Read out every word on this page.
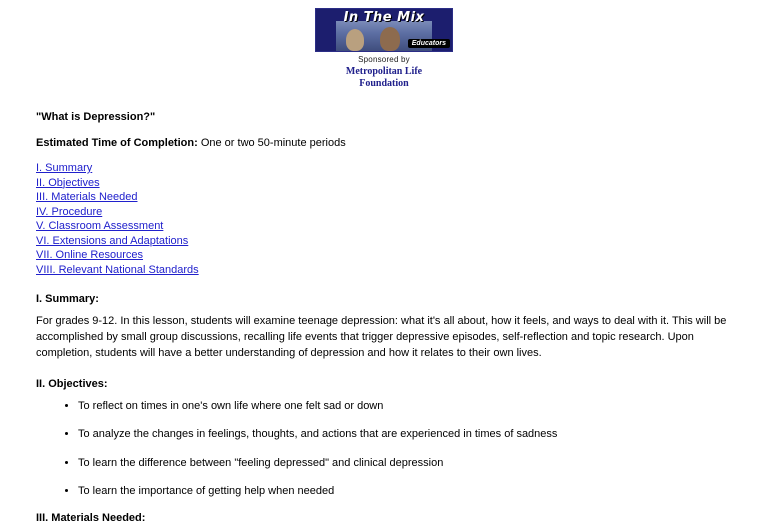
In The Mix
Educators
Sponsored by
Metropolitan Life
Foundation
"What is Depression?"
Estimated Time of Completion: One or two 50-minute periods
I. Summary
II. Objectives
III. Materials Needed
IV. Procedure
V. Classroom Assessment
VI. Extensions and Adaptations
VII. Online Resources
VIII. Relevant National Standards
I. Summary:
For grades 9-12. In this lesson, students will examine teenage depression: what it's all about, how it feels, and ways to deal with it. This will be accomplished by small group discussions, recalling life events that trigger depressive episodes, self-reflection and topic research. Upon completion, students will have a better understanding of depression and how it relates to their own lives.
II. Objectives:
• To reflect on times in one's own life where one felt sad or down
• To analyze the changes in feelings, thoughts, and actions that are experienced in times of sadness
• To learn the difference between "feeling depressed" and clinical depression
• To learn the importance of getting help when needed
III. Materials Needed:
